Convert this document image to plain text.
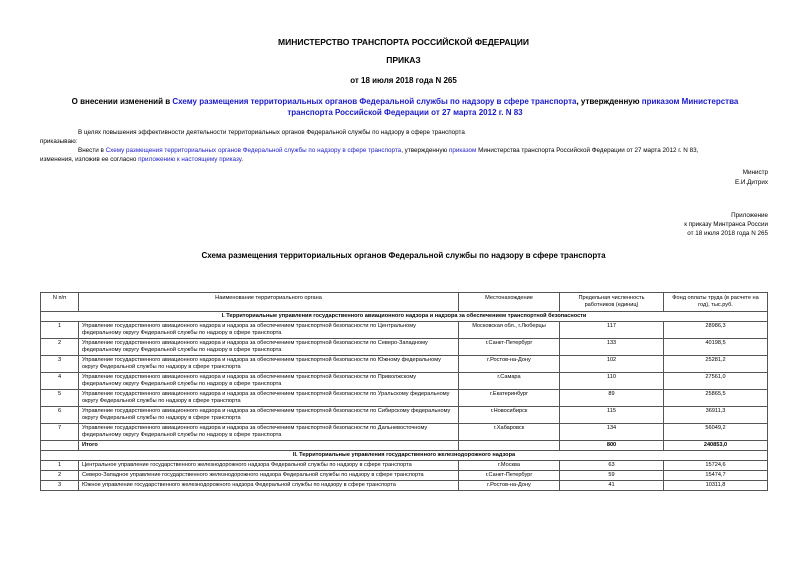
МИНИСТЕРСТВО ТРАНСПОРТА РОССИЙСКОЙ ФЕДЕРАЦИИ
ПРИКАЗ
от 18 июля 2018 года N 265
О внесении изменений в Схему размещения территориальных органов Федеральной службы по надзору в сфере транспорта, утвержденную приказом Министерства транспорта Российской Федерации от 27 марта 2012 г. N 83
В целях повышения эффективности деятельности территориальных органов Федеральной службы по надзору в сфере транспорта
приказываю:
Внести в Схему размещения территориальных органов Федеральной службы по надзору в сфере транспорта, утвержденную приказом Министерства транспорта Российской Федерации от 27 марта 2012 г. N 83,
изменения, изложив ее согласно приложению к настоящему приказу.
Министр
Е.И.Дитрих
Приложение
к приказу Минтранса России
от 18 июля 2018 года N 265
Схема размещения территориальных органов Федеральной службы по надзору в сфере транспорта
N п/п	Наименование территориального органа	Местонахождение	Предельная численность работников (единиц)	Фонд оплаты труда (в расчете на год), тыс.руб.
I. Территориальные управления государственного авиационного надзора и надзора за обеспечением транспортной безопасности				
1	Управление государственного авиационного надзора и надзора за обеспечением транспортной безопасности по Центральному федеральному округу Федеральной службы по надзору в сфере транспорта	Московская обл., г.Люберцы	117	28986,3
2	Управление государственного авиационного надзора и надзора за обеспечением транспортной безопасности по Северо-Западному федеральному округу Федеральной службы по надзору в сфере транспорта	г.Санкт-Петербург	133	40198,5
3	Управление государственного авиационного надзора и надзора за обеспечением транспортной безопасности по Южному федеральному округу Федеральной службы по надзору в сфере транспорта	г.Ростов-на-Дону	102	25281,2
4	Управление государственного авиационного надзора и надзора за обеспечением транспортной безопасности по Приволжскому федеральному округу Федеральной службы по надзору в сфере транспорта	г.Самара	110	27561,0
5	Управление государственного авиационного надзора и надзора за обеспечением транспортной безопасности по Уральскому федеральному округу Федеральной службы по надзору в сфере транспорта	г.Екатеринбург	89	25865,5
6	Управление государственного авиационного надзора и надзора за обеспечением транспортной безопасности по Сибирскому федеральному округу Федеральной службы по надзору в сфере транспорта	г.Новосибирск	115	36911,3
7	Управление государственного авиационного надзора и надзора за обеспечением транспортной безопасности по Дальневосточному федеральному округу Федеральной службы по надзору в сфере транспорта	г.Хабаровск	134	56049,2
	Итого		800	240853,0
II. Территориальные управления государственного железнодорожного надзора				
1	Центральное управление государственного железнодорожного надзора Федеральной службы по надзору в сфере транспорта	г.Москва	63	15724,6
2	Северо-Западное управление государственного железнодорожного надзора Федеральной службы по надзору в сфере транспорта	г.Санкт-Петербург	59	15474,7
3	Южное управление государственного железнодорожного надзора Федеральной службы по надзору в сфере транспорта	г.Ростов-на-Дону	41	10311,8
